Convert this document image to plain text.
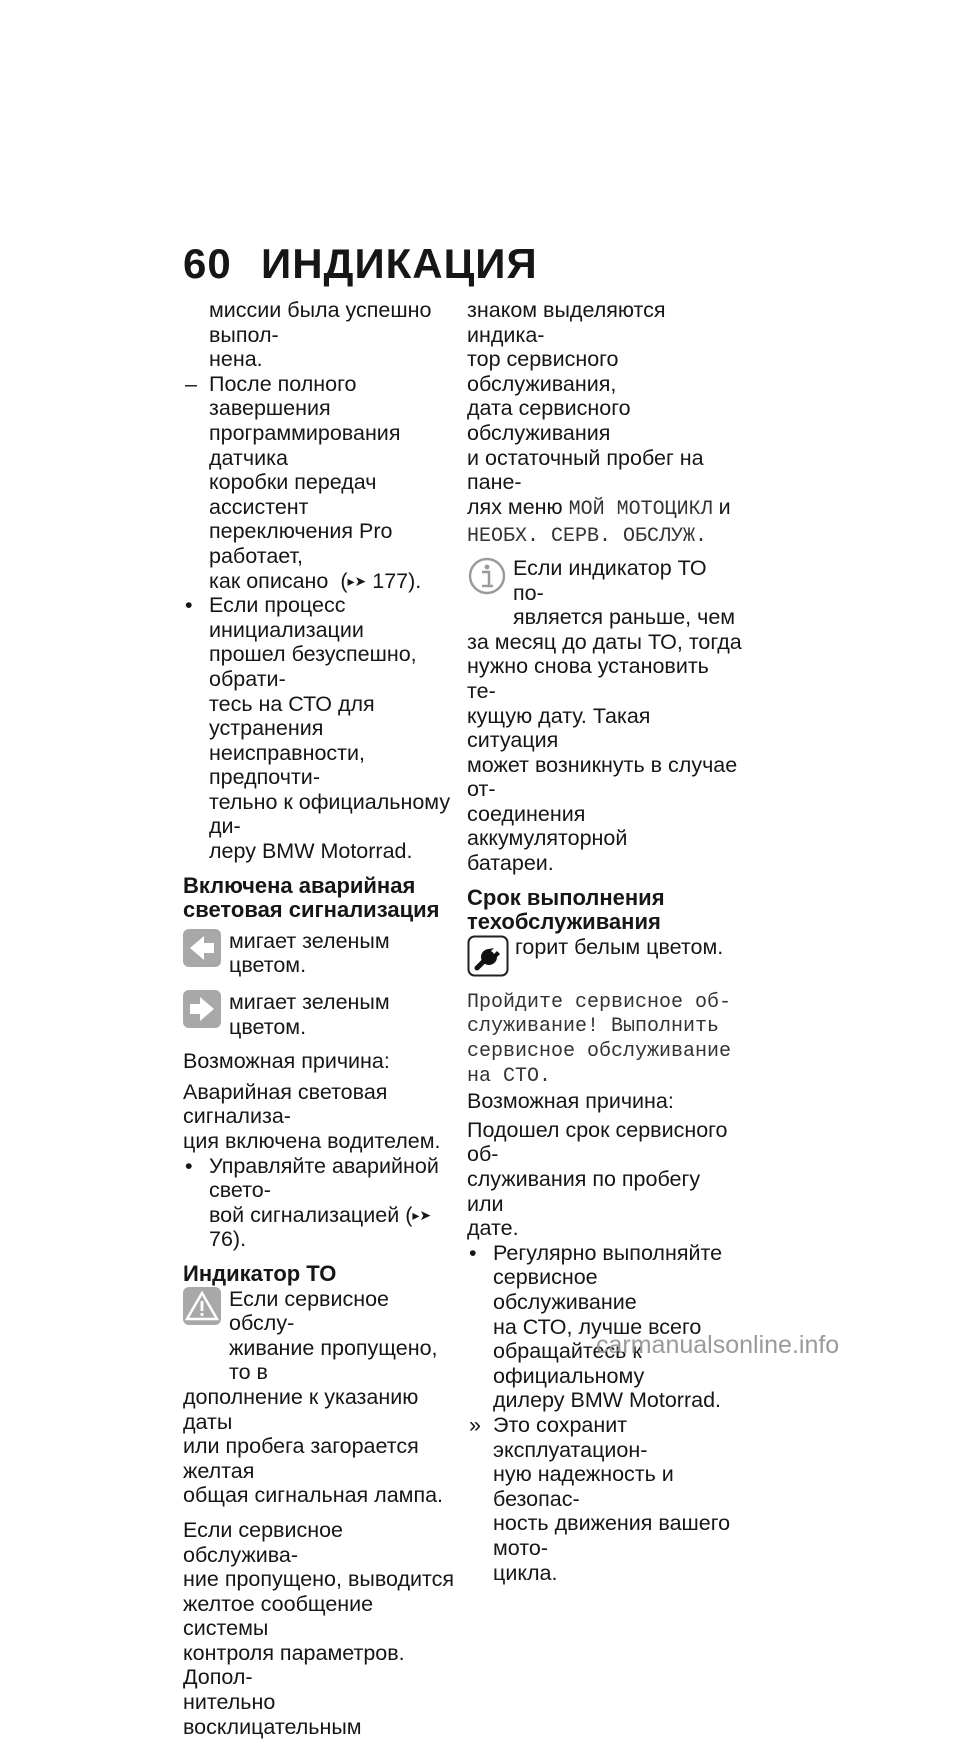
60 ИНДИКАЦИЯ
миссии была успешно выпол-
нена.
– После полного завершения
программирования датчика
коробки передач ассистент
переключения Pro работает,
как описано  (▸➤ 177).
• Если процесс инициализации
прошел безуспешно, обрати-
тесь на СТО для устранения
неисправности, предпочти-
тельно к официальному ди-
леру BMW Motorrad.
Включена аварийная
световая сигнализация
мигает зеленым цветом.
мигает зеленым цветом.
Возможная причина:
Аварийная световая сигнализа-
ция включена водителем.
• Управляйте аварийной свето-
вой сигнализацией (▸➤ 76).
Индикатор ТО
Если сервисное обслу-
живание пропущено, то в
дополнение к указанию даты
или пробега загорается желтая
общая сигнальная лампа.
Если сервисное обслужива-
ние пропущено, выводится
желтое сообщение системы
контроля параметров. Допол-
нительно восклицательным
знаком выделяются индика-
тор сервисного обслуживания,
дата сервисного обслуживания
и остаточный пробег на пане-
лях меню МОЙ МОТОЦИКЛ и
НЕОБХ. СЕРВ. ОБСЛУЖ.
Если индикатор ТО по-
является раньше, чем
за месяц до даты ТО, тогда
нужно снова установить те-
кущую дату. Такая ситуация
может возникнуть в случае от-
соединения аккумуляторной
батареи.
Срок выполнения
техобслуживания
горит белым цветом.
Пройдите сервисное об-
служивание! Выполнить
сервисное обслуживание
на СТО.
Возможная причина:
Подошел срок сервисного об-
служивания по пробегу или
дате.
• Регулярно выполняйте
сервисное обслуживание
на СТО, лучше всего
обращайтесь к официальному
дилеру BMW Motorrad.
» Это сохранит эксплуатацион-
ную надежность и безопас-
ность движения вашего мото-
цикла.
carmanualsonline.info
